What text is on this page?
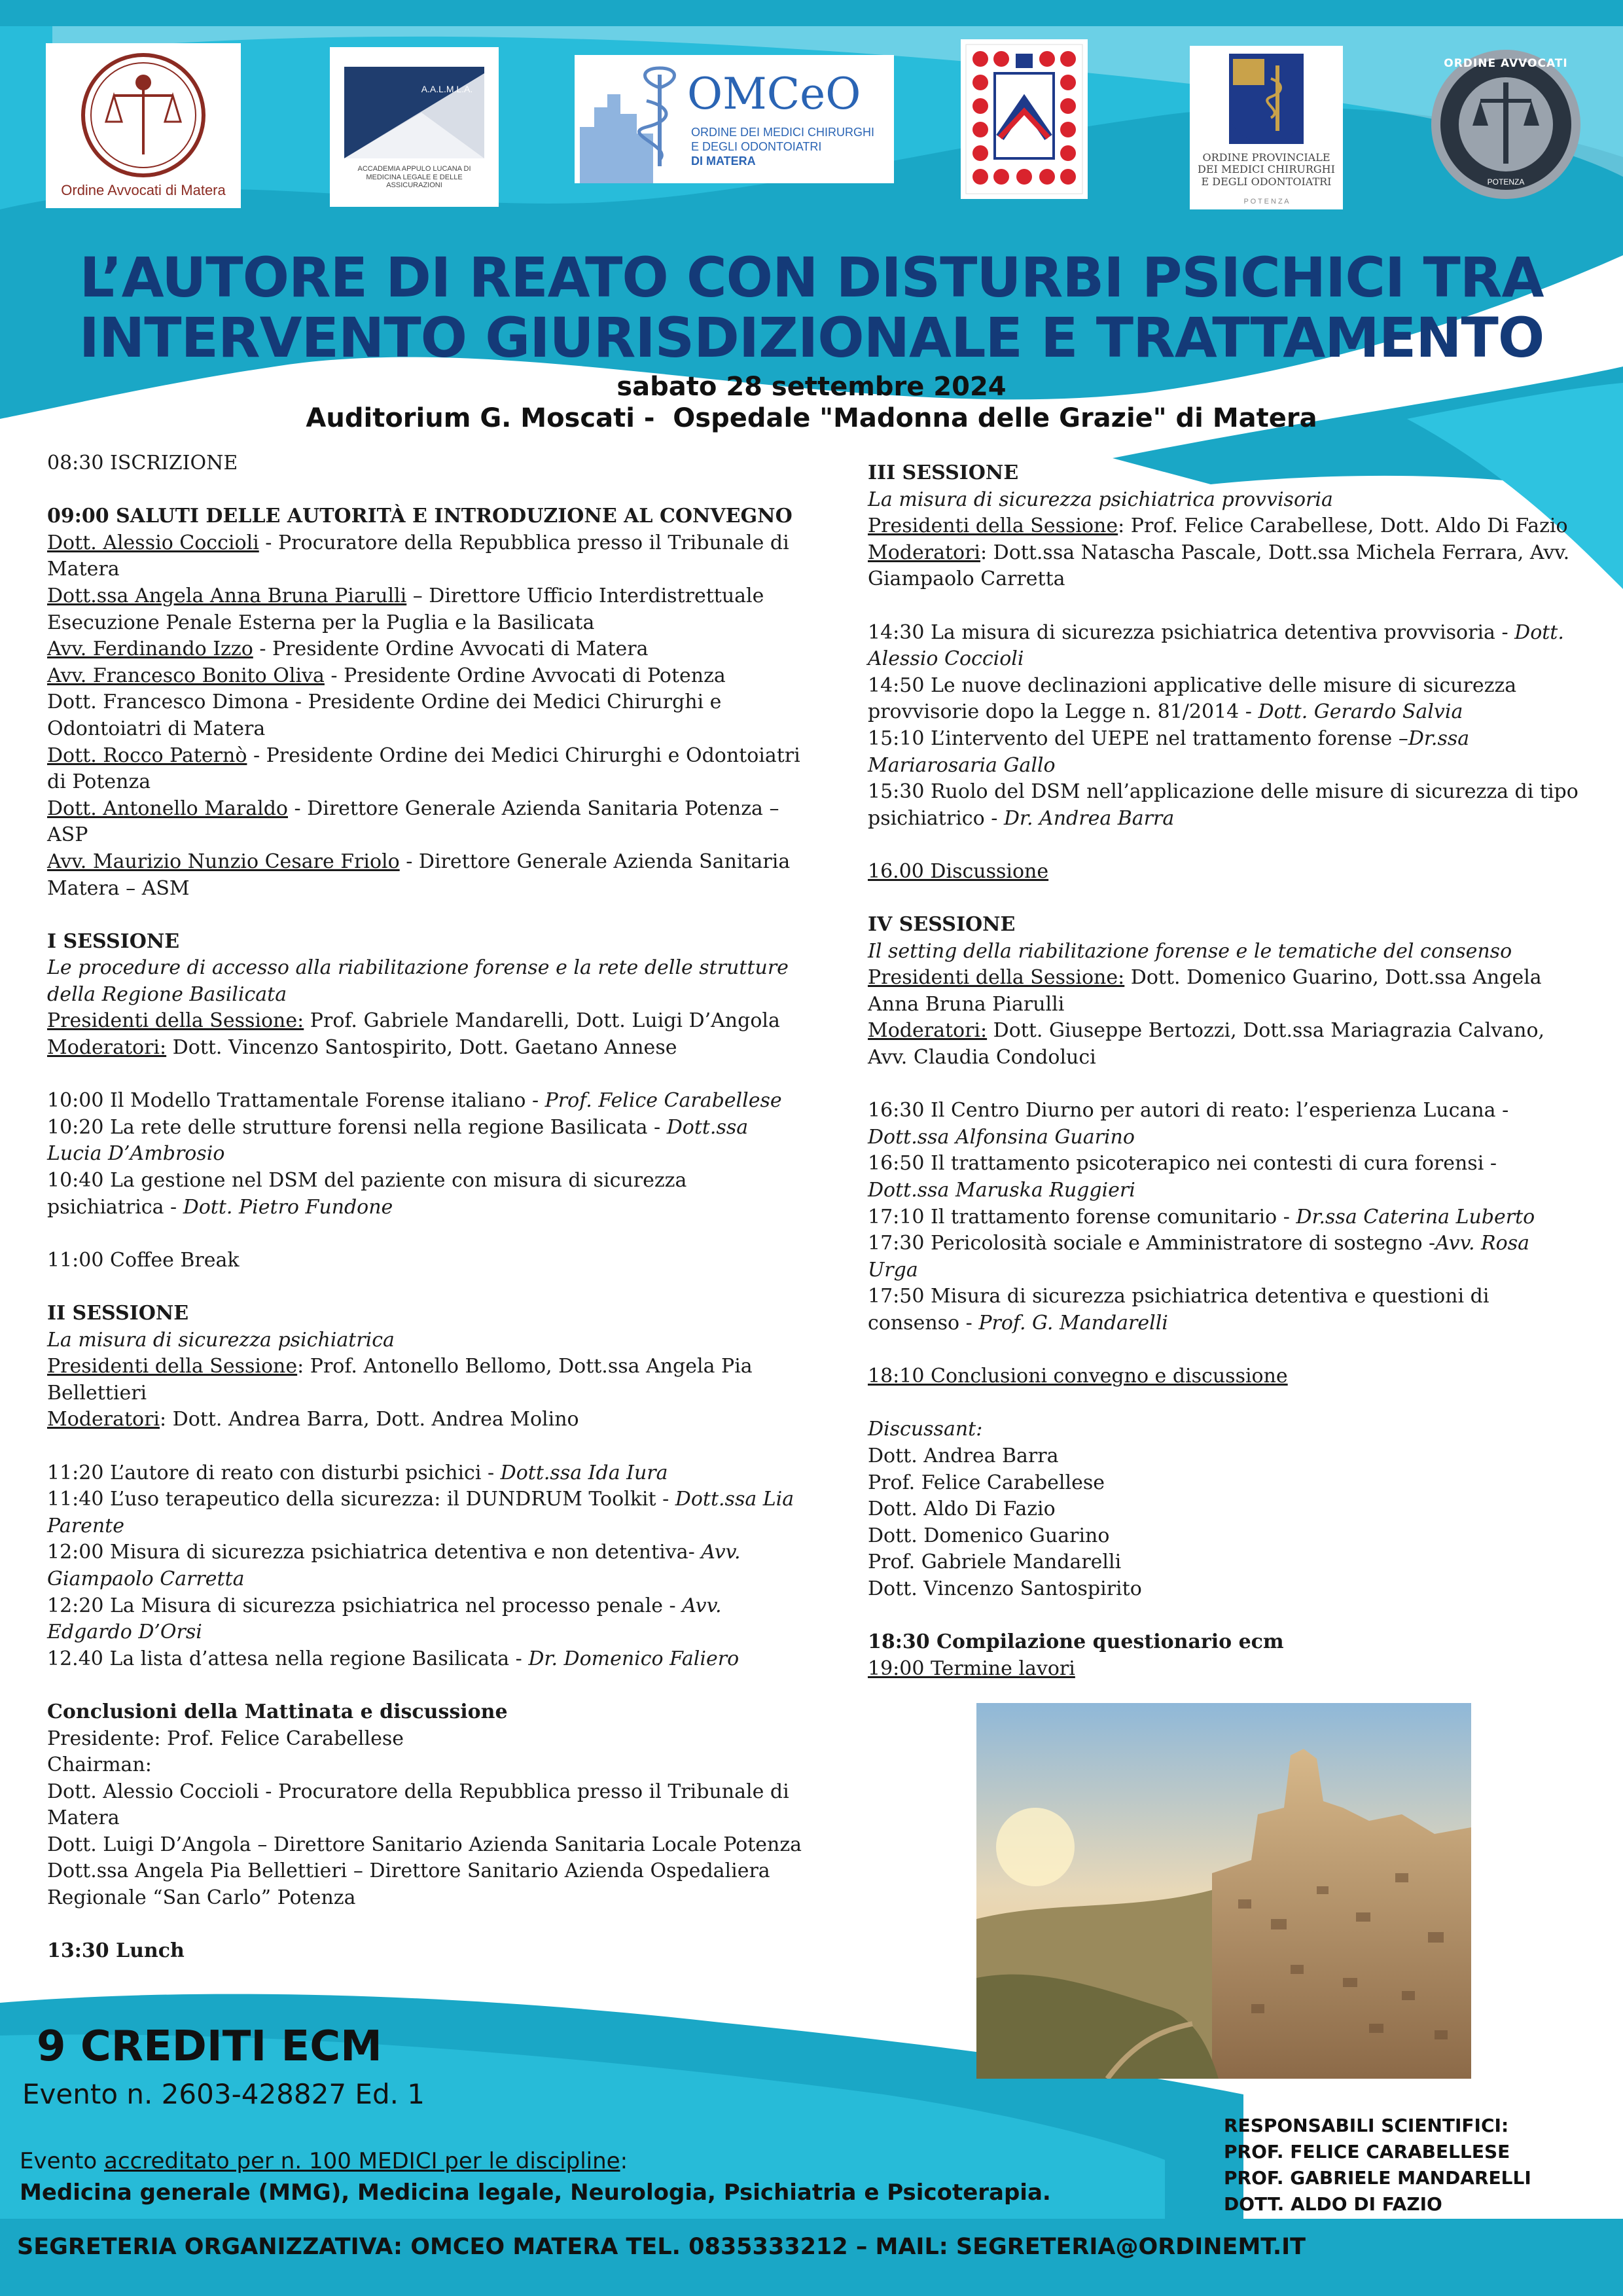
Ordine Avvocati di Matera
A.A.L.M.L.A.
ACCADEMIA APPULO LUCANA DI MEDICINA LEGALE E DELLE ASSICURAZIONI
OMCeO
ORDINE DEI MEDICI CHIRURGHI
E DEGLI ODONTOIATRI
DI MATERA	ORDINE PROVINCIALE DEI MEDICI CHIRURGHI E DEGLI ODONTOIATRI
P O T E N Z A
ORDINE AVVOCATI
POTENZA
L’AUTORE DI REATO CON DISTURBI PSICHICI TRA
INTERVENTO GIURISDIZIONALE E TRATTAMENTO
sabato 28 settembre 2024
Auditorium G. Moscati -  Ospedale "Madonna delle Grazie" di Matera

08:30 ISCRIZIONE

09:00 SALUTI DELLE AUTORITÀ E INTRODUZIONE AL CONVEGNO

Dott. Alessio Coccioli - Procuratore della Repubblica presso il Tribunale di Matera

Dott.ssa Angela Anna Bruna Piarulli – Direttore Ufficio Interdistrettuale Esecuzione Penale Esterna per la Puglia e la Basilicata

Avv. Ferdinando Izzo - Presidente Ordine Avvocati di Matera

Avv. Francesco Bonito Oliva - Presidente Ordine Avvocati di Potenza

Dott. Francesco Dimona - Presidente Ordine dei Medici Chirurghi e Odontoiatri di Matera

Dott. Rocco Paternò - Presidente Ordine dei Medici Chirurghi e Odontoiatri di Potenza

Dott. Antonello Maraldo - Direttore Generale Azienda Sanitaria Potenza – ASP

Avv. Maurizio Nunzio Cesare Friolo - Direttore Generale Azienda Sanitaria Matera – ASM

I SESSIONE

Le procedure di accesso alla riabilitazione forense e la rete delle strutture della Regione Basilicata

Presidenti della Sessione: Prof. Gabriele Mandarelli, Dott. Luigi D’Angola

Moderatori: Dott. Vincenzo Santospirito, Dott. Gaetano Annese

10:00 Il Modello Trattamentale Forense italiano - Prof. Felice Carabellese

10:20 La rete delle strutture forensi nella regione Basilicata - Dott.ssa Lucia D’Ambrosio

10:40 La gestione nel DSM del paziente con misura di sicurezza psichiatrica - Dott. Pietro Fundone

11:00 Coffee Break

II SESSIONE

La misura di sicurezza psichiatrica

Presidenti della Sessione: Prof. Antonello Bellomo, Dott.ssa Angela Pia Bellettieri

Moderatori: Dott. Andrea Barra, Dott. Andrea Molino

11:20 L’autore di reato con disturbi psichici - Dott.ssa Ida Iura

11:40 L’uso terapeutico della sicurezza: il DUNDRUM Toolkit - Dott.ssa Lia Parente

12:00 Misura di sicurezza psichiatrica detentiva e non detentiva- Avv. Giampaolo Carretta

12:20 La Misura di sicurezza psichiatrica nel processo penale - Avv. Edgardo D’Orsi

12.40 La lista d’attesa nella regione Basilicata - Dr. Domenico Faliero

Conclusioni della Mattinata e discussione

Presidente: Prof. Felice Carabellese

Chairman:

Dott. Alessio Coccioli - Procuratore della Repubblica presso il Tribunale di Matera

Dott. Luigi D’Angola – Direttore Sanitario Azienda Sanitaria Locale Potenza

Dott.ssa Angela Pia Bellettieri – Direttore Sanitario Azienda Ospedaliera Regionale “San Carlo” Potenza

13:30 Lunch

III SESSIONE

La misura di sicurezza psichiatrica provvisoria

Presidenti della Sessione: Prof. Felice Carabellese, Dott. Aldo Di Fazio

Moderatori: Dott.ssa Natascha Pascale, Dott.ssa Michela Ferrara, Avv. Giampaolo Carretta

14:30 La misura di sicurezza psichiatrica detentiva provvisoria - Dott. Alessio Coccioli

14:50 Le nuove declinazioni applicative delle misure di sicurezza provvisorie dopo la Legge n. 81/2014 - Dott. Gerardo Salvia

15:10 L’intervento del UEPE nel trattamento forense –Dr.ssa Mariarosaria Gallo

15:30 Ruolo del DSM nell’applicazione delle misure di sicurezza di tipo psichiatrico - Dr. Andrea Barra

16.00 Discussione

IV SESSIONE

Il setting della riabilitazione forense e le tematiche del consenso

Presidenti della Sessione: Dott. Domenico Guarino, Dott.ssa Angela Anna Bruna Piarulli

Moderatori: Dott. Giuseppe Bertozzi, Dott.ssa Mariagrazia Calvano, Avv. Claudia Condoluci

16:30 Il Centro Diurno per autori di reato: l’esperienza Lucana - Dott.ssa Alfonsina Guarino

16:50 Il trattamento psicoterapico nei contesti di cura forensi - Dott.ssa Maruska Ruggieri

17:10 Il trattamento forense comunitario - Dr.ssa Caterina Luberto

17:30 Pericolosità sociale e Amministratore di sostegno -Avv. Rosa Urga

17:50 Misura di sicurezza psichiatrica detentiva e questioni di consenso - Prof. G. Mandarelli

18:10 Conclusioni convegno e discussione

Discussant:

Dott. Andrea Barra

Prof. Felice Carabellese

Dott. Aldo Di Fazio

Dott. Domenico Guarino

Prof. Gabriele Mandarelli

Dott. Vincenzo Santospirito

18:30 Compilazione questionario ecm

19:00 Termine lavori

9 CREDITI ECM
Evento n. 2603-428827 Ed. 1
Evento accreditato per n. 100 MEDICI per le discipline:
Medicina generale (MMG), Medicina legale, Neurologia, Psichiatria e Psicoterapia.
RESPONSABILI SCIENTIFICI:
PROF. FELICE CARABELLESE
PROF. GABRIELE MANDARELLI
DOTT. ALDO DI FAZIO
SEGRETERIA ORGANIZZATIVA: OMCEO MATERA TEL. 0835333212 – MAIL: SEGRETERIA@ORDINEMT.IT
